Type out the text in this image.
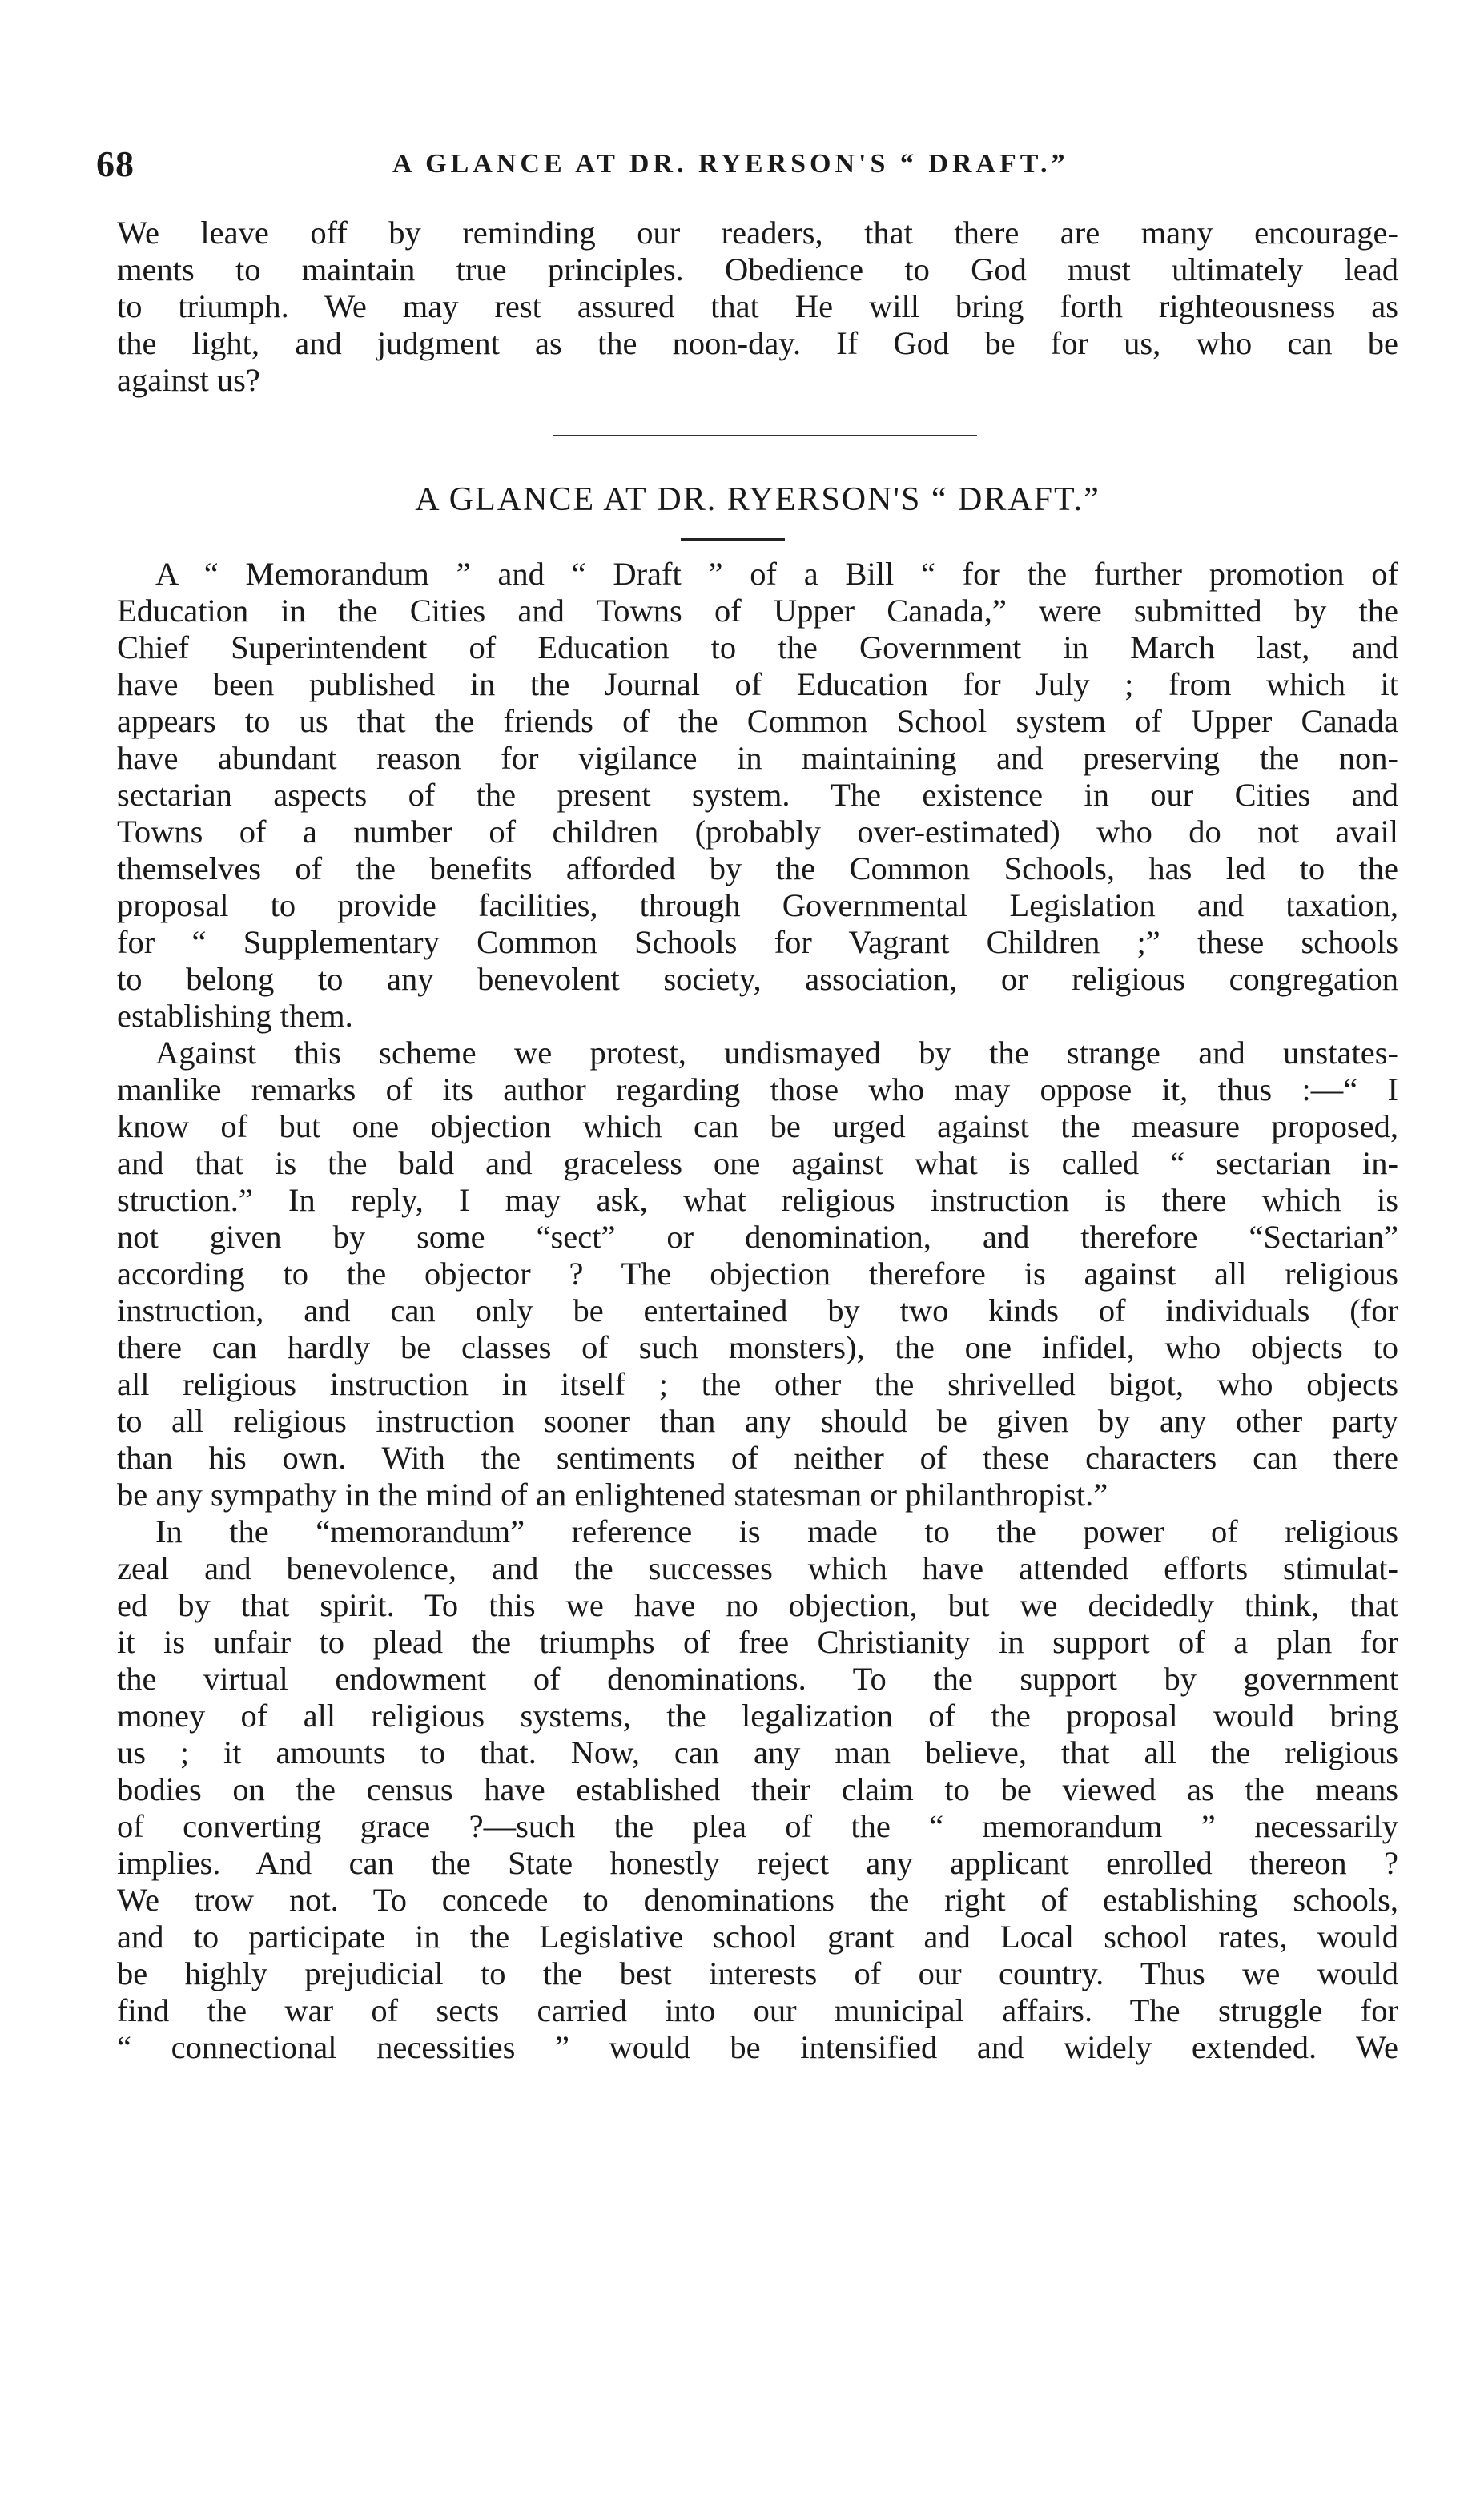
68	A GLANCE AT DR. RYERSON'S “ DRAFT.”
We leave off by reminding our readers, that there are many encourage-
ments to maintain true principles. Obedience to God must ultimately lead
to triumph. We may rest assured that He will bring forth righteousness as
the light, and judgment as the noon-day. If God be for us, who can be
against us?
A GLANCE AT DR. RYERSON'S “ DRAFT.”
A “ Memorandum ” and “ Draft ” of a Bill “ for the further promotion of
Education in the Cities and Towns of Upper Canada,” were submitted by the
Chief Superintendent of Education to the Government in March last, and
have been published in the Journal of Education for July ; from which it
appears to us that the friends of the Common School system of Upper Canada
have abundant reason for vigilance in maintaining and preserving the non-
sectarian aspects of the present system. The existence in our Cities and
Towns of a number of children (probably over-estimated) who do not avail
themselves of the benefits afforded by the Common Schools, has led to the
proposal to provide facilities, through Governmental Legislation and taxation,
for “ Supplementary Common Schools for Vagrant Children ;” these schools
to belong to any benevolent society, association, or religious congregation
establishing them.
Against this scheme we protest, undismayed by the strange and unstates-
manlike remarks of its author regarding those who may oppose it, thus :—“ I
know of but one objection which can be urged against the measure proposed,
and that is the bald and graceless one against what is called “ sectarian in-
struction.” In reply, I may ask, what religious instruction is there which is
not given by some “sect” or denomination, and therefore “Sectarian”
according to the objector ? The objection therefore is against all religious
instruction, and can only be entertained by two kinds of individuals (for
there can hardly be classes of such monsters), the one infidel, who objects to
all religious instruction in itself ; the other the shrivelled bigot, who objects
to all religious instruction sooner than any should be given by any other party
than his own. With the sentiments of neither of these characters can there
be any sympathy in the mind of an enlightened statesman or philanthropist.”
In the “memorandum” reference is made to the power of religious
zeal and benevolence, and the successes which have attended efforts stimulat-
ed by that spirit. To this we have no objection, but we decidedly think, that
it is unfair to plead the triumphs of free Christianity in support of a plan for
the virtual endowment of denominations. To the support by government
money of all religious systems, the legalization of the proposal would bring
us ; it amounts to that. Now, can any man believe, that all the religious
bodies on the census have established their claim to be viewed as the means
of converting grace ?—such the plea of the “ memorandum ” necessarily
implies. And can the State honestly reject any applicant enrolled thereon ?
We trow not. To concede to denominations the right of establishing schools,
and to participate in the Legislative school grant and Local school rates, would
be highly prejudicial to the best interests of our country. Thus we would
find the war of sects carried into our municipal affairs. The struggle for
“ connectional necessities ” would be intensified and widely extended. We
